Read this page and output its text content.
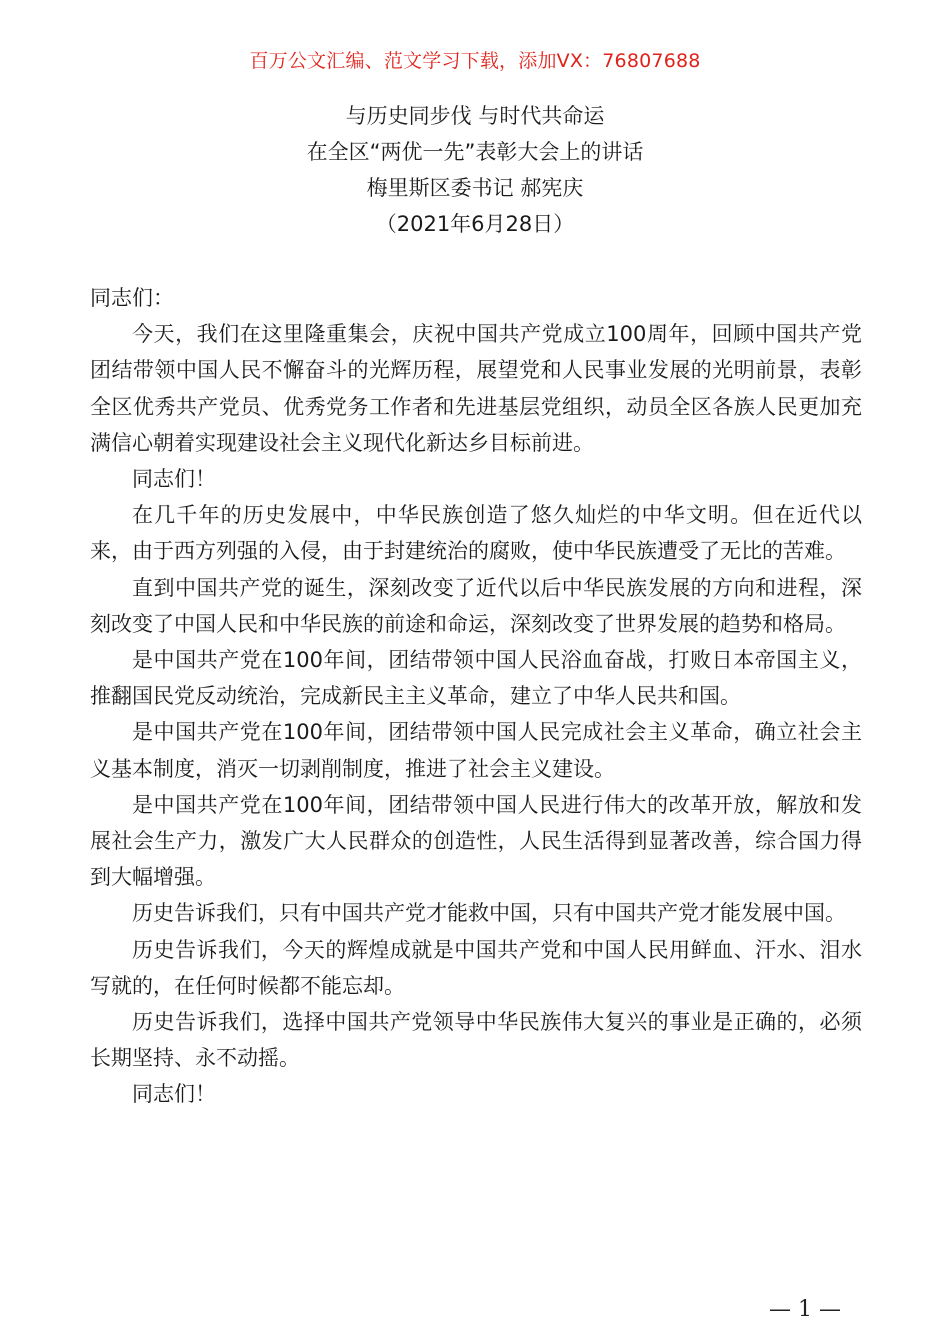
百万公文汇编、范文学习下载，添加VX：76807688
与历史同步伐 与时代共命运
在全区“两优一先”表彰大会上的讲话
梅里斯区委书记 郝宪庆
（2021年6月28日）

同志们：

今天，我们在这里隆重集会，庆祝中国共产党成立100周年，回顾中国共产党团结带领中国人民不懈奋斗的光辉历程，展望党和人民事业发展的光明前景，表彰全区优秀共产党员、优秀党务工作者和先进基层党组织，动员全区各族人民更加充满信心朝着实现建设社会主义现代化新达乡目标前进。

同志们！

在几千年的历史发展中，中华民族创造了悠久灿烂的中华文明。但在近代以来，由于西方列强的入侵，由于封建统治的腐败，使中华民族遭受了无比的苦难。

直到中国共产党的诞生，深刻改变了近代以后中华民族发展的方向和进程，深刻改变了中国人民和中华民族的前途和命运，深刻改变了世界发展的趋势和格局。

是中国共产党在100年间，团结带领中国人民浴血奋战，打败日本帝国主义，推翻国民党反动统治，完成新民主主义革命，建立了中华人民共和国。

是中国共产党在100年间，团结带领中国人民完成社会主义革命，确立社会主义基本制度，消灭一切剥削制度，推进了社会主义建设。

是中国共产党在100年间，团结带领中国人民进行伟大的改革开放，解放和发展社会生产力，激发广大人民群众的创造性，人民生活得到显著改善，综合国力得到大幅增强。

历史告诉我们，只有中国共产党才能救中国，只有中国共产党才能发展中国。

历史告诉我们，今天的辉煌成就是中国共产党和中国人民用鲜血、汗水、泪水写就的，在任何时候都不能忘却。

历史告诉我们，选择中国共产党领导中华民族伟大复兴的事业是正确的，必须长期坚持、永不动摇。

同志们！

— 1 —
